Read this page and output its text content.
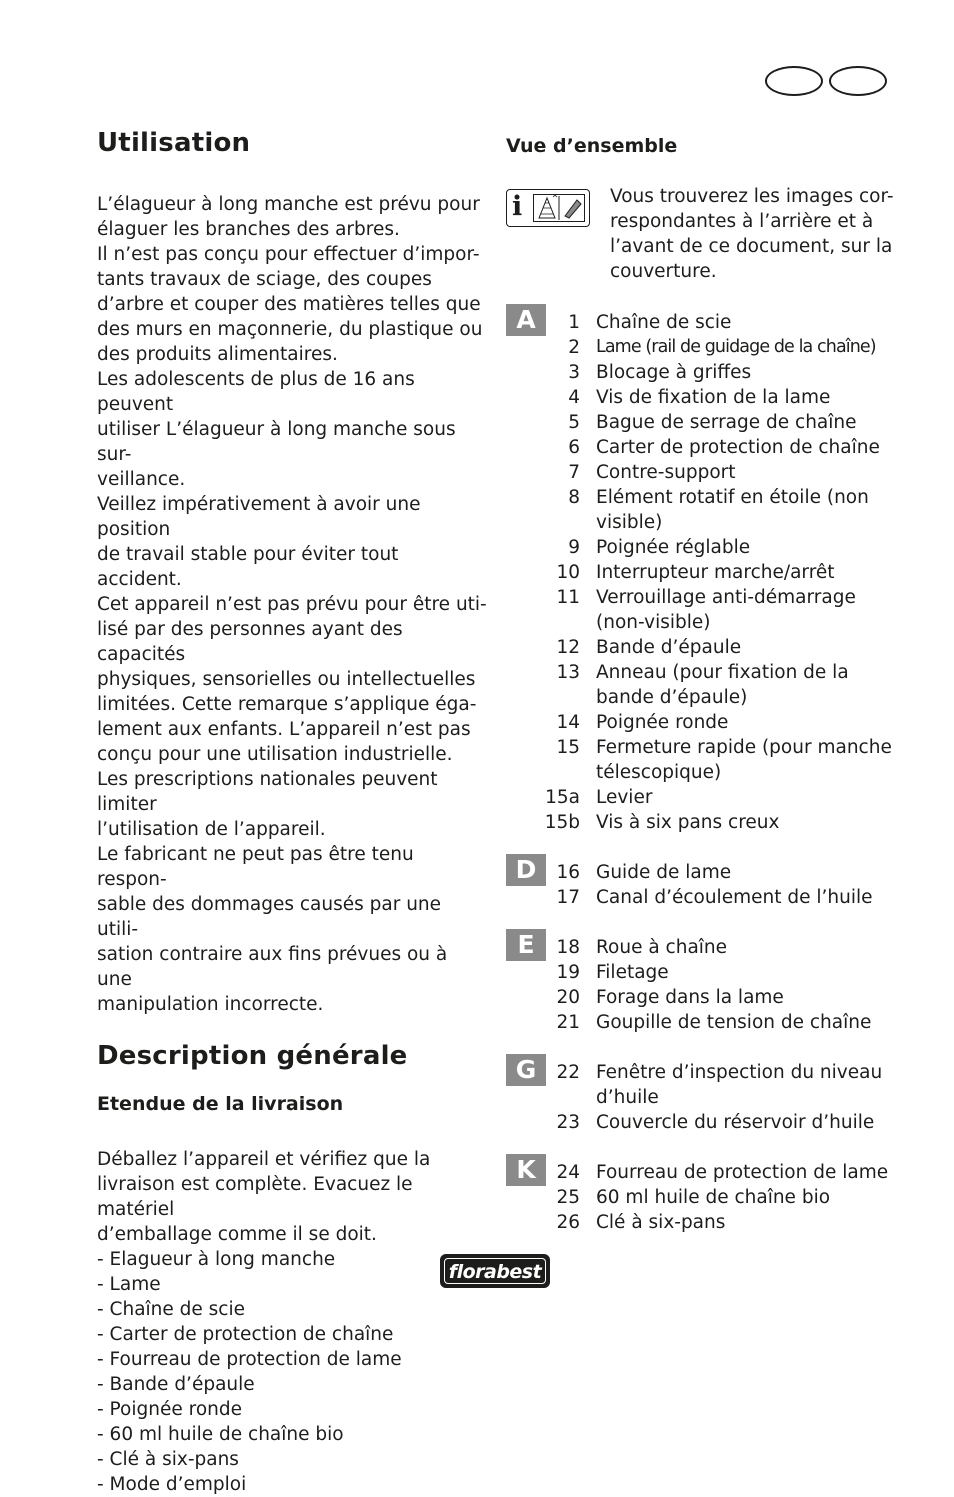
Utilisation
L’élagueur à long manche est prévu pour
élaguer les branches des arbres.
Il n’est pas conçu pour effectuer d’impor-
tants travaux de sciage, des coupes
d’arbre et couper des matières telles que
des murs en maçonnerie, du plastique ou
des produits alimentaires.
Les adolescents de plus de 16 ans peuvent
utiliser L’élagueur à long manche sous sur-
veillance.
Veillez impérativement à avoir une position
de travail stable pour éviter tout accident.
Cet appareil n’est pas prévu pour être uti-
lisé par des personnes ayant des capacités
physiques, sensorielles ou intellectuelles
limitées. Cette remarque s’applique éga-
lement aux enfants. L’appareil n’est pas
conçu pour une utilisation industrielle.
Les prescriptions nationales peuvent limiter
l’utilisation de l’appareil.
Le fabricant ne peut pas être tenu respon-
sable des dommages causés par une utili-
sation contraire aux fins prévues ou à une
manipulation incorrecte.
Description générale
Etendue de la livraison
Déballez l’appareil et vérifiez que la
livraison est complète. Evacuez le matériel
d’emballage comme il se doit.
- Elagueur à long manche
- Lame
- Chaîne de scie
- Carter de protection de chaîne
- Fourreau de protection de lame
- Bande d’épaule
- Poignée ronde
- 60 ml huile de chaîne bio
- Clé à six-pans
- Mode d’emploi
Vue d’ensemble
i	Vous trouverez les images cor-
respondantes à l’arrière et à
l’avant de ce document, sur la
couverture.
A	1 Chaîne de scie
2 Lame (rail de guidage de la chaîne)
3 Blocage à griffes
4 Vis de fixation de la lame
5 Bague de serrage de chaîne
6 Carter de protection de chaîne
7 Contre-support
8 Elément rotatif en étoile (non
visible)
9 Poignée réglable
10 Interrupteur marche/arrêt
11 Verrouillage anti-démarrage
(non-visible)
12 Bande d’épaule
13 Anneau (pour fixation de la
bande d’épaule)
14 Poignée ronde
15 Fermeture rapide (pour manche
télescopique)
15a Levier
15b Vis à six pans creux
D	16 Guide de lame
17 Canal d’écoulement de l’huile
E	18 Roue à chaîne
19 Filetage
20 Forage dans la lame
21 Goupille de tension de chaîne
G	22 Fenêtre d’inspection du niveau
d’huile
23 Couvercle du réservoir d’huile
K	24 Fourreau de protection de lame
25 60 ml huile de chaîne bio
26 Clé à six-pans
florabest
